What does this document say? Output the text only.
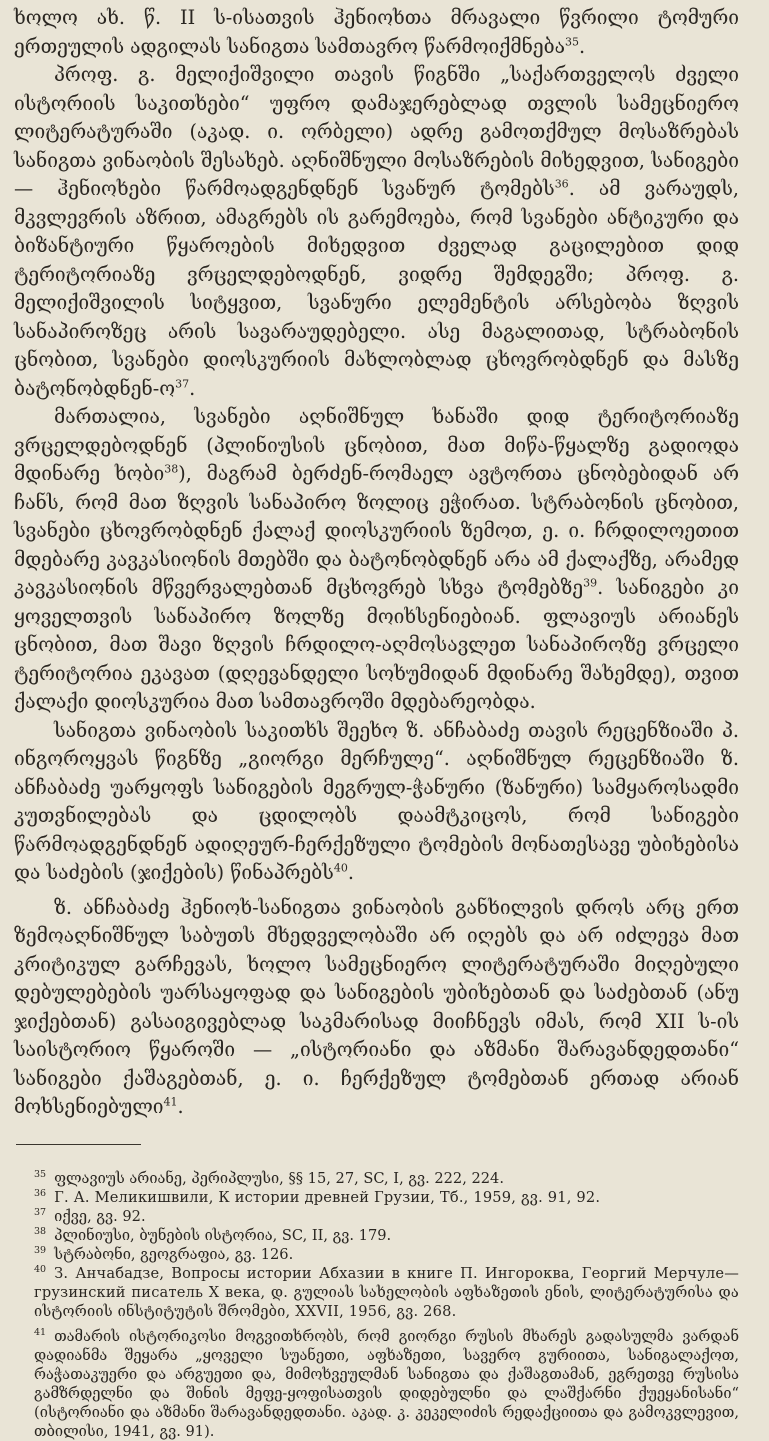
ხოლო ახ. წ. II ს-ისათვის ჰენიოხთა მრავალი წვრილი ტომური ერთეულის ადგილას სანიგთა სამთავრო წარმოიქმნება$^{35}$.

პროფ. გ. მელიქიშვილი თავის წიგნში „საქართველოს ძველი ისტორიის საკითხები“ უფრო დამაჯერებლად თვლის სამეცნიერო ლიტერატურაში (აკად. ი. ორბელი) ადრე გამოთქმულ მოსაზრებას სანიგთა ვინაობის შესახებ. აღნიშნული მოსაზრების მიხედვით, სანიგები — ჰენიოხები წარმოადგენდნენ სვანურ ტომებს$^{36}$. ამ ვარაუდს, მკვლევრის აზრით, ამაგრებს ის გარემოება, რომ სვანები ანტიკური და ბიზანტიური წყაროების მიხედვით ძველად გაცილებით დიდ ტერიტორიაზე ვრცელდებოდნენ, ვიდრე შემდეგში; პროფ. გ. მელიქიშვილის სიტყვით, სვანური ელემენტის არსებობა ზღვის სანაპიროზეც არის სავარაუდებელი. ასე მაგალითად, სტრაბონის ცნობით, სვანები დიოსკურიის მახლობლად ცხოვრობდნენ და მასზე ბატონობდნენ-ო$^{37}$.

მართალია, სვანები აღნიშნულ ხანაში დიდ ტერიტორიაზე ვრცელდებოდნენ (პლინიუსის ცნობით, მათ მიწა-წყალზე გადიოდა მდინარე ხობი$^{38}$), მაგრამ ბერძენ-რომაელ ავტორთა ცნობებიდან არ ჩანს, რომ მათ ზღვის სანაპირო ზოლიც ეჭირათ. სტრაბონის ცნობით, სვანები ცხოვრობდნენ ქალაქ დიოსკურიის ზემოთ, ე. ი. ჩრდილოეთით მდებარე კავკასიონის მთებში და ბატონობდნენ არა ამ ქალაქზე, არამედ კავკასიონის მწვერვალებთან მცხოვრებ სხვა ტომებზე$^{39}$. სანიგები კი ყოველთვის სანაპირო ზოლზე მოიხსენიებიან. ფლავიუს არიანეს ცნობით, მათ შავი ზღვის ჩრდილო-აღმოსავლეთ სანაპიროზე ვრცელი ტერიტორია ეკავათ (დღევანდელი სოხუმიდან მდინარე შახემდე), თვით ქალაქი დიოსკურია მათ სამთავროში მდებარეობდა.

სანიგთა ვინაობის საკითხს შეეხო ზ. ანჩაბაძე თავის რეცენზიაში პ. ინგოროყვას წიგნზე „გიორგი მერჩულე“. აღნიშნულ რეცენზიაში ზ. ანჩაბაძე უარყოფს სანიგების მეგრულ-ჭანური (ზანური) სამყაროსადმი კუთვნილებას და ცდილობს დაამტკიცოს, რომ სანიგები წარმოადგენდნენ ადიღეურ-ჩერქეზული ტომების მონათესავე უბიხებისა და საძების (ჯიქების) წინაპრებს$^{40}$.

ზ. ანჩაბაძე ჰენიოხ-სანიგთა ვინაობის განხილვის დროს არც ერთ ზემოაღნიშნულ საბუთს მხედველობაში არ იღებს და არ იძლევა მათ კრიტიკულ გარჩევას, ხოლო სამეცნიერო ლიტერატურაში მიღებული დებულებების უარსაყოფად და სანიგების უბიხებთან და საძებთან (ანუ ჯიქებთან) გასაიგივებლად საკმარისად მიიჩნევს იმას, რომ XII ს-ის საისტორიო წყაროში — „ისტორიანი და აზმანი შარავანდედთანი“ სანიგები ქაშაგებთან, ე. ი. ჩერქეზულ ტომებთან ერთად არიან მოხსენიებული$^{41}$.

$^{35}$ ფლავიუს არიანე, პერიპლუსი, §§ 15, 27, SC, I, გვ. 222, 224.

$^{36}$ Г. А. Меликишвили, К истории древней Грузии, Тб., 1959, გვ. 91, 92.

$^{37}$ იქვე, გვ. 92.

$^{38}$ პლინიუსი, ბუნების ისტორია, SC, II, გვ. 179.

$^{39}$ სტრაბონი, გეოგრაფია, გვ. 126.

$^{40}$ З. Анчабадзе, Вопросы истории Абхазии в книге П. Ингороква, Георгий Мерчуле—грузинский писатель X века, დ. გულიას სახელობის აფხაზეთის ენის, ლიტერატურისა და ისტორიის ინსტიტუტის შრომები, XXVII, 1956, გვ. 268.

$^{41}$ თამარის ისტორიკოსი მოგვითხრობს, რომ გიორგი რუსის მხარეს გადასულმა ვარდან დადიანმა შეყარა „ყოველი სუანეთი, აფხაზეთი, სავერო გურიითა, სანიგალაქოთ, რაჭათაკუერი და არგუეთი და, მიმოხვეულმან სანიგთა და ქაშაგთამან, ეგრეთვე რუსისა გამზრდელნი და შინის მეფე-ყოფისათვის დიდებულნი და ლაშქარნი ქუეყანისანი“ (ისტორიანი და აზმანი შარავანდედთანი. აკად. კ. კეკელიძის რედაქციითა და გამოკვლევით, თბილისი, 1941, გვ. 91).
